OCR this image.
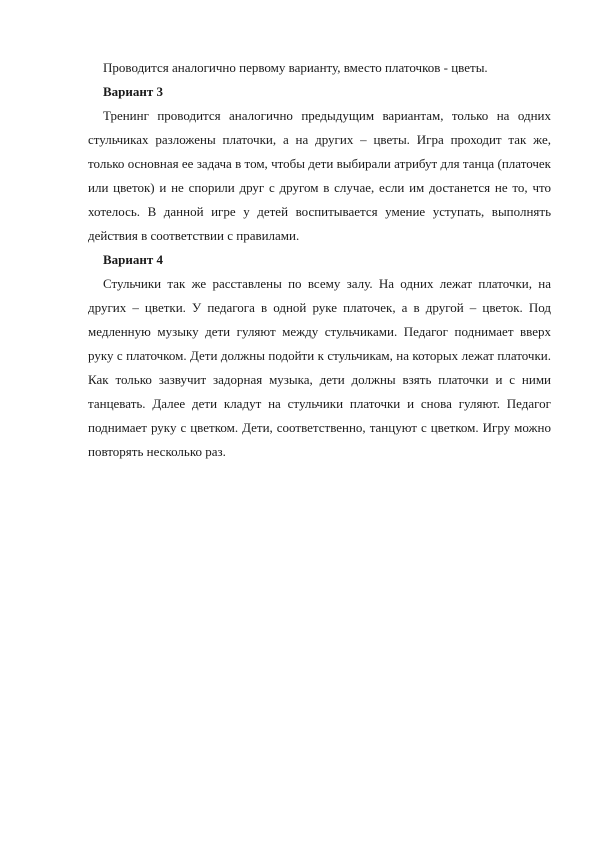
Проводится аналогично первому варианту, вместо платочков - цветы.

Вариант 3

Тренинг проводится аналогично предыдущим вариантам, только на одних стульчиках разложены платочки, а на других – цветы. Игра проходит так же, только основная ее задача в том, чтобы дети выбирали атрибут для танца (платочек или цветок) и не спорили друг с другом в случае, если им достанется не то, что хотелось. В данной игре у детей воспитывается умение уступать, выполнять действия в соответствии с правилами.

Вариант 4

Стульчики так же расставлены по всему залу. На одних лежат платочки, на других – цветки. У педагога в одной руке платочек, а в другой – цветок. Под медленную музыку дети гуляют между стульчиками. Педагог поднимает вверх руку с платочком. Дети должны подойти к стульчикам, на которых лежат платочки. Как только зазвучит задорная музыка, дети должны взять платочки и с ними танцевать. Далее дети кладут на стульчики платочки и снова гуляют. Педагог поднимает руку с цветком. Дети, соответственно, танцуют с цветком. Игру можно повторять несколько раз.
